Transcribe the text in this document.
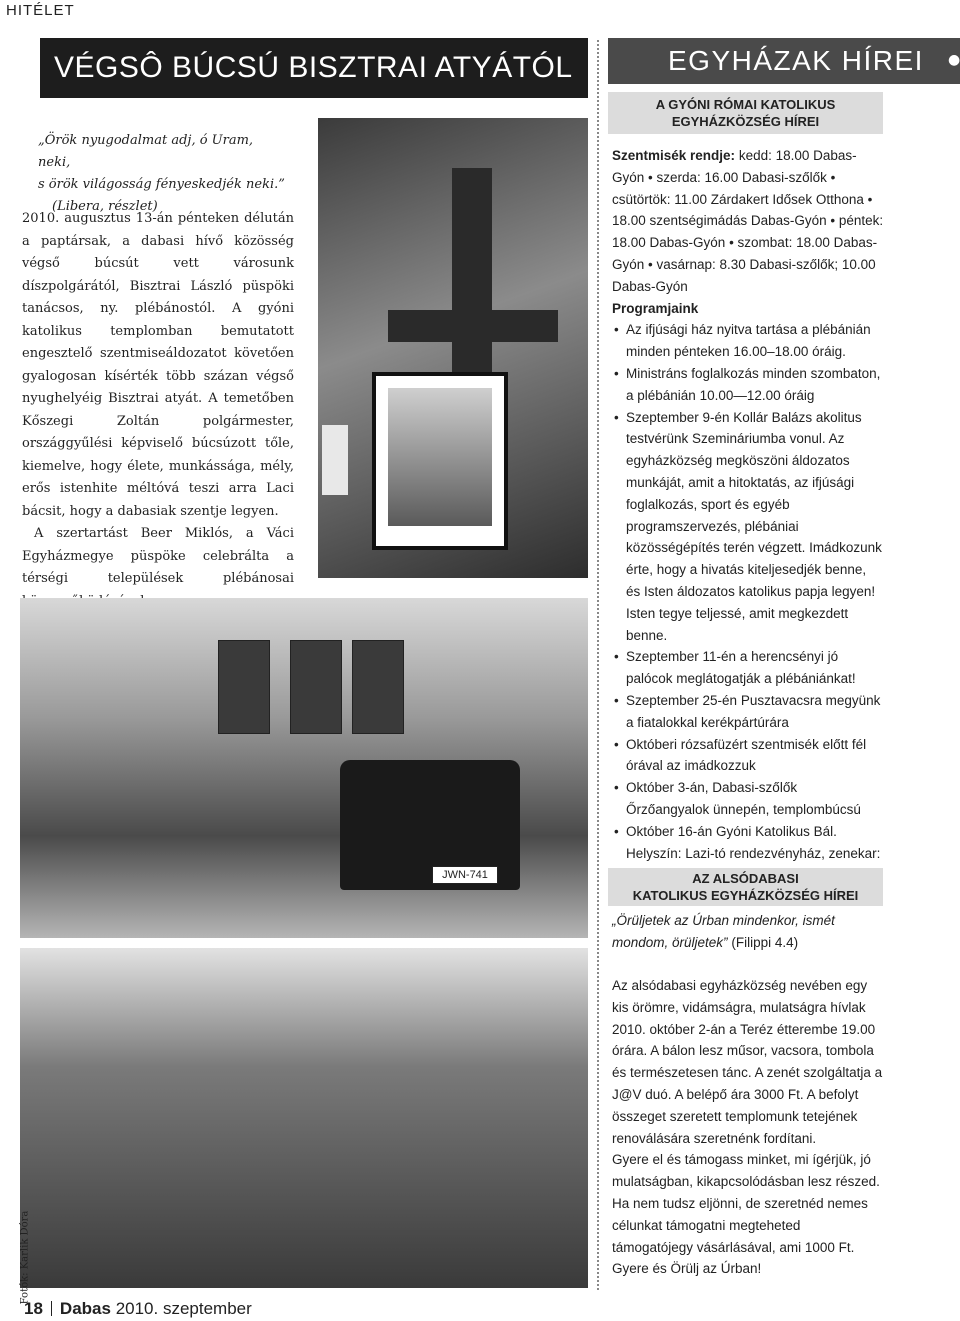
HITÉLET
VÉGSÔ BÚCSÚ BISZTRAI ATYÁTÓL
„Örök nyugodalmat adj, ó Uram, neki,
s örök világosság fényeskedjék neki.”
(Libera, részlet)

2010. augusztus 13-án pénteken délután a paptársak, a dabasi hívő közösség végső búcsút vett városunk díszpolgárától, Bisztrai László püspöki tanácsos, ny. plébánostól. A gyóni katolikus templomban bemutatott engesztelő szentmiseáldozatot követően gyalogosan kísérték több százan végső nyughelyéig Bisztrai atyát. A temetőben Kőszegi Zoltán polgármester, országgyűlési képviselő búcsúzott tőle, kiemelve, hogy élete, munkássága, mély, erős istenhite méltóvá teszi arra Laci bácsit, hogy a dabasiak szentje legyen.

A szertartást Beer Miklós, a Váci Egyházmegye püspöke celebrálta a térségi települések plébánosai

JWN-741
Fotók: Karlik Dóra
18 Dabas 2010. szeptember
EGYHÁZAK HÍREI	●
A GYÓNI RÓMAI KATOLIKUS
EGYHÁZKÖZSÉG HÍREI

Szentmisék rendje: kedd: 18.00 Dabas-Gyón • szerda: 16.00 Dabasi-szőlők • csütörtök: 11.00 Zárdakert Idősek Otthona • 18.00 szentségimádás Dabas-Gyón • péntek: 18.00 Dabas-Gyón • szombat: 18.00 Dabas-Gyón • vasárnap: 8.30 Dabasi-szőlők; 10.00 Dabas-Gyón

Programjaink

• Az ifjúsági ház nyitva tartása a plébánián minden pénteken 16.00–18.00 óráig.
• Ministráns foglalkozás minden szombaton, a plébánián 10.00—12.00 óráig
• Szeptember 9-én Kollár Balázs akolitus testvérünk Szemináriumba vonul. Az egyházközség megköszöni áldozatos munkáját, amit a hitoktatás, az ifjúsági foglalkozás, sport és egyéb programszervezés, plébániai közösségépítés terén végzett. Imádkozunk érte, hogy a hivatás kiteljesedjék benne, és Isten áldozatos katolikus papja legyen! Isten tegye teljessé, amit megkezdett benne.
• Szeptember 11-én a herencsényi jó palócok meglátogatják a plébániánkat!
• Szeptember 25-én Pusztavacsra megyünk a fiatalokkal kerékpártúrára
• Októberi rózsafüzért szentmisék előtt fél órával az imádkozzuk
• Október 3-án, Dabasi-szőlők Őrzőangyalok ünnepén, templombúcsú
• Október 16-án Gyóni Katolikus Bál. Helyszín: Lazi-tó rendezvényház, zenekar:
AZ ALSÓDABASI
KATOLIKUS EGYHÁZKÖZSÉG HÍREI

„Örüljetek az Úrban mindenkor, ismét mondom, örüljetek” (Filippi 4.4)

Az alsódabasi egyházközség nevében egy kis örömre, vidámságra, mulatságra hívlak 2010. október 2-án a Teréz étterembe 19.00 órára. A bálon lesz műsor, vacsora, tombola és természetesen tánc. A zenét szolgáltatja a J@V duó. A belépő ára 3000 Ft. A befolyt összeget szeretett templomunk tetejének renoválására szeretnénk fordítani.

Gyere el és támogass minket, mi ígérjük, jó mulatságban, kikapcsolódásban lesz részed. Ha nem tudsz eljönni, de szeretnéd nemes célunkat támogatni megteheted támogatójegy vásárlásával, ami 1000 Ft.

Gyere és Örülj az Úrban!
